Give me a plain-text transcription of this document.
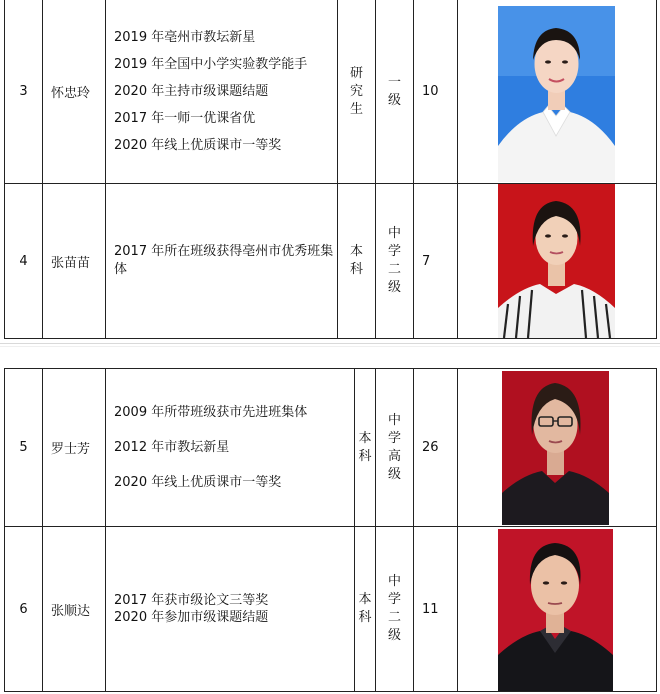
3	怀忠玲	2019 年亳州市教坛新星
2019 年全国中小学实验教学能手
2020 年主持市级课题结题
2017 年一师一优课省优
2020 年线上优质课市一等奖	研究生	一级	10	

4	张苗苗	2017 年所在班级获得亳州市优秀班集体	本科	中学二级	7	
5	罗士芳	2009 年所带班级获市先进班集体
2012 年市教坛新星
2020 年线上优质课市一等奖	本科	中学高级	26	

6	张顺达	2017 年获市级论文三等奖
2020 年参加市级课题结题	本科	中学二级	11	
